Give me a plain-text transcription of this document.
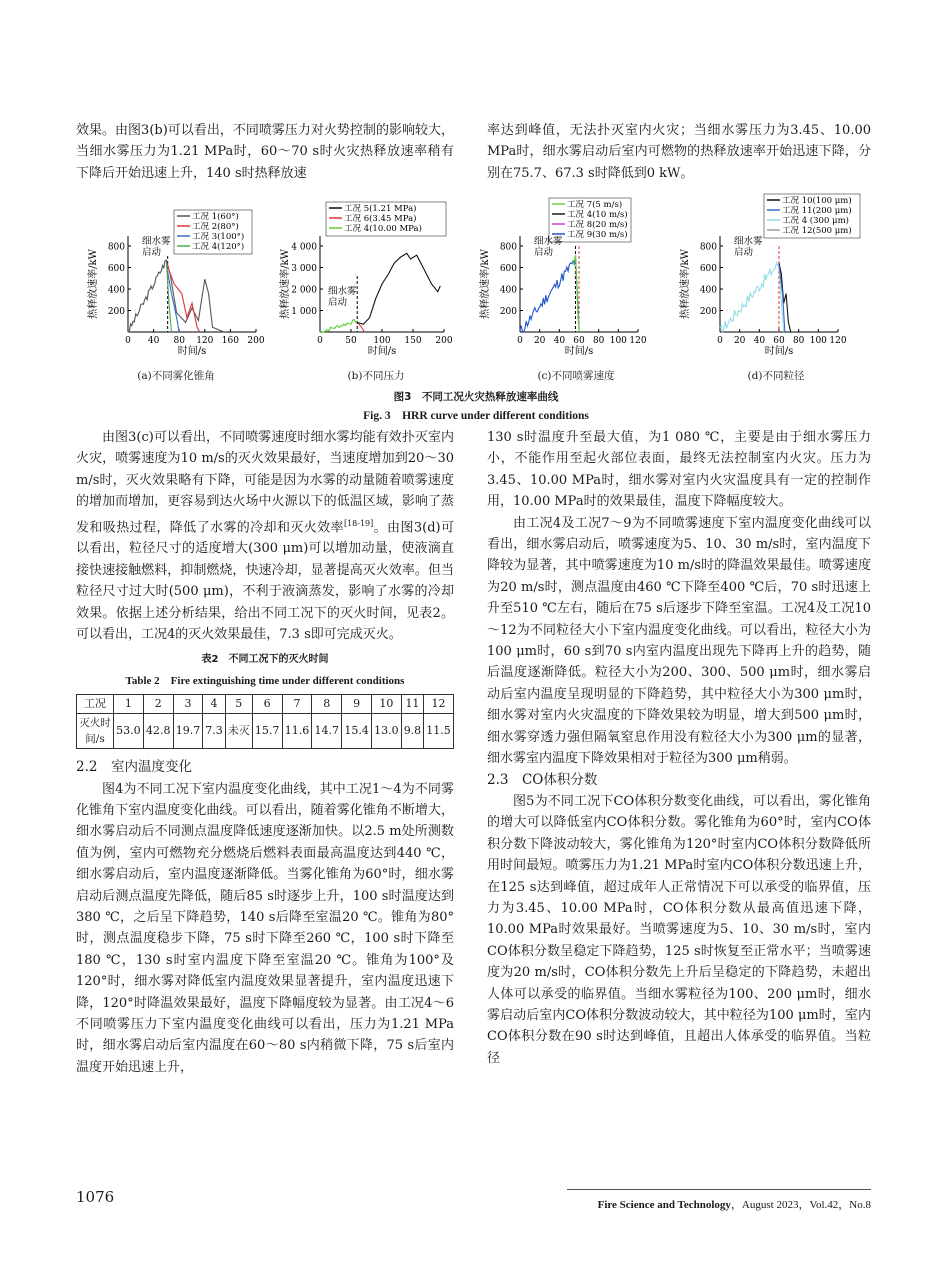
效果。由图3(b)可以看出，不同喷雾压力对火势控制的影响较大，当细水雾压力为1.21 MPa时，60～70 s时火灾热释放速率稍有下降后开始迅速上升，140 s时热释放速

率达到峰值，无法扑灭室内火灾；当细水雾压力为3.45、10.00 MPa时，细水雾启动后室内可燃物的热释放速率开始迅速下降，分别在75.7、67.3 s时降低到0 kW。

200
400
600
800
0 40 80 120 160 200
时间/s
热释放速率/kW
工况 1(60°)
工况 2(80°)
工况 3(100°)
工况 4(120°)
细水雾
启动
(a)不同雾化锥角
1 000
2 000
3 000
4 000
0 50 100 150 200
时间/s
热释放速率/kW
工况 5(1.21 MPa)
工况 6(3.45 MPa)
工况 4(10.00 MPa)
细水雾
启动
(b)不同压力
200
400
600
800
0 20 40 60 80 100 120
时间/s
热释放速率/kW
工况 7(5 m/s)
工况 4(10 m/s)
工况 8(20 m/s)
工况 9(30 m/s)
细水雾
启动
(c)不同喷雾速度
200
400
600
800
0 20 40 60 80 100 120
时间/s
热释放速率/kW
工况 10(100 μm)
工况 11(200 μm)
工况 4 (300 μm)
工况 12(500 μm)
细水雾
启动
(d)不同粒径
图3　不同工况火灾热释放速率曲线
Fig. 3　HRR curve under different conditions

由图3(c)可以看出，不同喷雾速度时细水雾均能有效扑灭室内火灾，喷雾速度为10 m/s的灭火效果最好，当速度增加到20～30 m/s时，灭火效果略有下降，可能是因为水雾的动量随着喷雾速度的增加而增加，更容易到达火场中火源以下的低温区域，影响了蒸发和吸热过程，降低了水雾的冷却和灭火效率[18-19]。由图3(d)可以看出，粒径尺寸的适度增大(300 μm)可以增加动量，使液滴直接快速接触燃料，抑制燃烧，快速冷却，显著提高灭火效率。但当粒径尺寸过大时(500 μm)，不利于液滴蒸发，影响了水雾的冷却效果。依据上述分析结果，给出不同工况下的灭火时间，见表2。可以看出，工况4的灭火效果最佳，7.3 s即可完成灭火。

表2　不同工况下的灭火时间
Table 2　Fire extinguishing time under different conditions
工况	1	2	3	4	5	6	7	8	9	10	11	12
灭火时间/s	53.0	42.8	19.7	7.3	未灭	15.7	11.6	14.7	15.4	13.0	9.8	11.5

2.2　室内温度变化

图4为不同工况下室内温度变化曲线，其中工况1～4为不同雾化锥角下室内温度变化曲线。可以看出，随着雾化锥角不断增大，细水雾启动后不同测点温度降低速度逐渐加快。以2.5 m处所测数值为例，室内可燃物充分燃烧后燃料表面最高温度达到440 ℃，细水雾启动后，室内温度逐渐降低。当雾化锥角为60°时，细水雾启动后测点温度先降低，随后85 s时逐步上升，100 s时温度达到380 ℃，之后呈下降趋势，140 s后降至室温20 ℃。锥角为80°时，测点温度稳步下降，75 s时下降至260 ℃，100 s时下降至180 ℃，130 s时室内温度下降至室温20 ℃。锥角为100°及120°时，细水雾对降低室内温度效果显著提升，室内温度迅速下降，120°时降温效果最好，温度下降幅度较为显著。由工况4～6不同喷雾压力下室内温度变化曲线可以看出，压力为1.21 MPa时，细水雾启动后室内温度在60～80 s内稍微下降，75 s后室内温度开始迅速上升，

130 s时温度升至最大值，为1 080 ℃，主要是由于细水雾压力小，不能作用至起火部位表面，最终无法控制室内火灾。压力为3.45、10.00 MPa时，细水雾对室内火灾温度具有一定的控制作用，10.00 MPa时的效果最佳，温度下降幅度较大。

由工况4及工况7～9为不同喷雾速度下室内温度变化曲线可以看出，细水雾启动后，喷雾速度为5、10、30 m/s时，室内温度下降较为显著，其中喷雾速度为10 m/s时的降温效果最佳。喷雾速度为20 m/s时，测点温度由460 ℃下降至400 ℃后，70 s时迅速上升至510 ℃左右，随后在75 s后逐步下降至室温。工况4及工况10～12为不同粒径大小下室内温度变化曲线。可以看出，粒径大小为100 μm时，60 s到70 s内室内温度出现先下降再上升的趋势，随后温度逐渐降低。粒径大小为200、300、500 μm时，细水雾启动后室内温度呈现明显的下降趋势，其中粒径大小为300 μm时，细水雾对室内火灾温度的下降效果较为明显，增大到500 μm时，细水雾穿透力强但隔氧窒息作用没有粒径大小为300 μm的显著，细水雾室内温度下降效果相对于粒径为300 μm稍弱。

2.3　CO体积分数

图5为不同工况下CO体积分数变化曲线，可以看出，雾化锥角的增大可以降低室内CO体积分数。雾化锥角为60°时，室内CO体积分数下降波动较大，雾化锥角为120°时室内CO体积分数降低所用时间最短。喷雾压力为1.21 MPa时室内CO体积分数迅速上升，在125 s达到峰值，超过成年人正常情况下可以承受的临界值，压力为3.45、10.00 MPa时，CO体积分数从最高值迅速下降，10.00 MPa时效果最好。当喷雾速度为5、10、30 m/s时，室内CO体积分数呈稳定下降趋势，125 s时恢复至正常水平；当喷雾速度为20 m/s时，CO体积分数先上升后呈稳定的下降趋势，未超出人体可以承受的临界值。当细水雾粒径为100、200 μm时，细水雾启动后室内CO体积分数波动较大，其中粒径为100 μm时，室内CO体积分数在90 s时达到峰值，且超出人体承受的临界值。当粒径

1076	Fire Science and Technology，August 2023，Vol.42，No.8
